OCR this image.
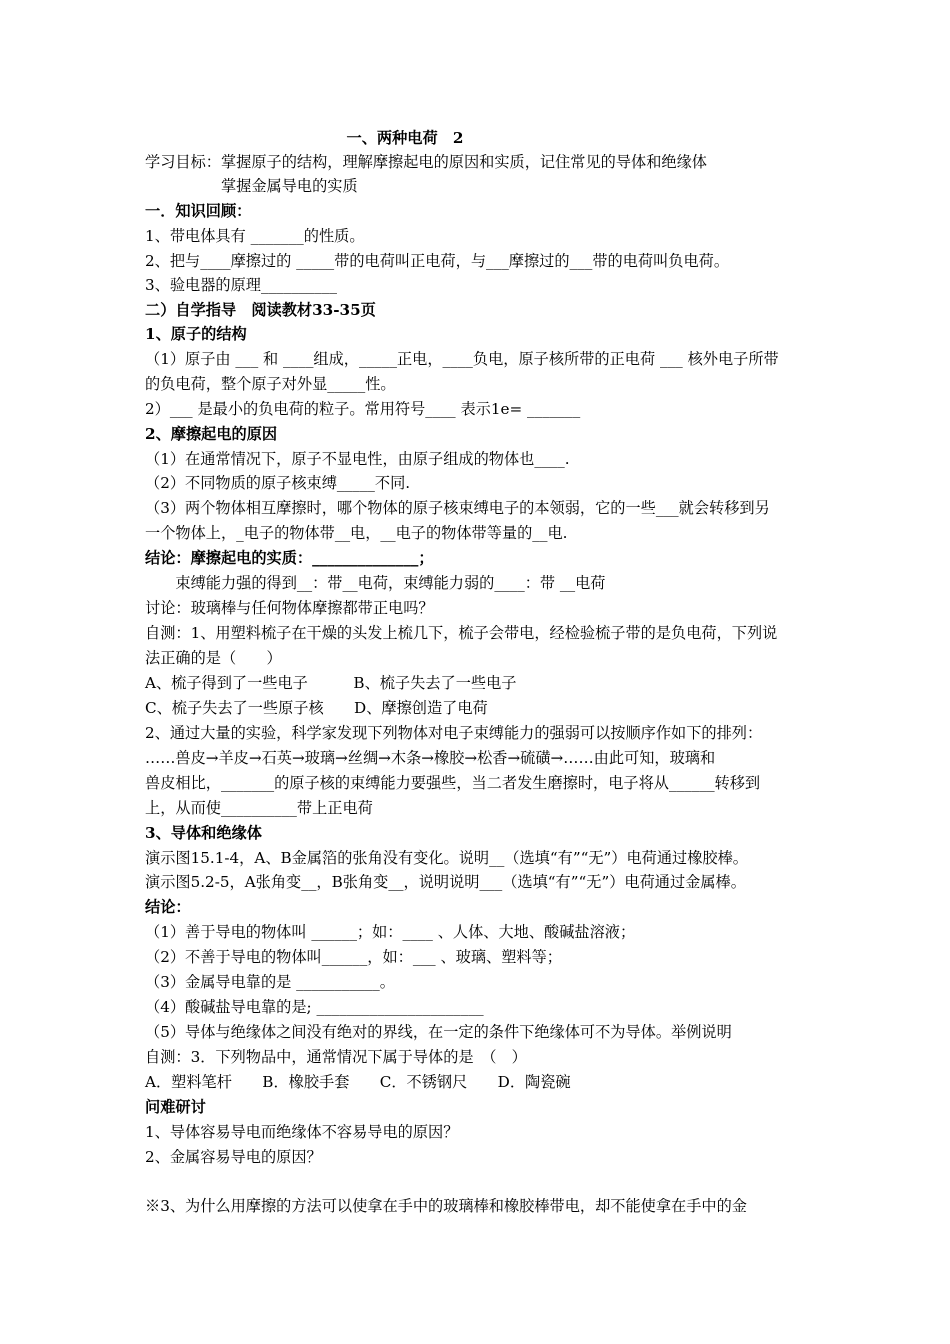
一、两种电荷　2
学习目标：掌握原子的结构，理解摩擦起电的原因和实质，记住常见的导体和绝缘体
　　　　　掌握金属导电的实质
一．知识回顾：
1、带电体具有 _______的性质。
2、把与____摩擦过的 _____带的电荷叫正电荷，与___摩擦过的___带的电荷叫负电荷。
3、验电器的原理__________
二）自学指导　阅读教材33-35页
1、原子的结构
（1）原子由 ___ 和 ____组成，_____正电，____负电，原子核所带的正电荷 ___ 核外电子所带
的负电荷，整个原子对外显_____性。
2）___ 是最小的负电荷的粒子。常用符号____ 表示1e= _______
2、摩擦起电的原因
（1）在通常情况下，原子不显电性，由原子组成的物体也____.
（2）不同物质的原子核束缚_____不同.
（3）两个物体相互摩擦时，哪个物体的原子核束缚电子的本领弱，它的一些___就会转移到另
一个物体上，_电子的物体带__电，__电子的物体带等量的__电.
结论：摩擦起电的实质：______________；
　　束缚能力强的得到__：带__电荷，束缚能力弱的____：带 __电荷
讨论：玻璃棒与任何物体摩擦都带正电吗？
自测：1、用塑料梳子在干燥的头发上梳几下，梳子会带电，经检验梳子带的是负电荷，下列说
法正确的是（　　）
A、梳子得到了一些电子　　　B、梳子失去了一些电子
C、梳子失去了一些原子核　　D、摩擦创造了电荷
2、通过大量的实验，科学家发现下列物体对电子束缚能力的强弱可以按顺序作如下的排列：
……兽皮→羊皮→石英→玻璃→丝绸→木条→橡胶→松香→硫磺→……由此可知，玻璃和
兽皮相比，_______的原子核的束缚能力要强些，当二者发生磨擦时，电子将从______转移到
上，从而使__________带上正电荷
3、导体和绝缘体
演示图15.1-4，A、B金属箔的张角没有变化。说明__（选填“有”“无”）电荷通过橡胶棒。
演示图5.2-5，A张角变__，B张角变__，说明说明___（选填“有”“无”）电荷通过金属棒。
结论：
（1）善于导电的物体叫 ______；如：____ 、人体、大地、酸碱盐溶液；
（2）不善于导电的物体叫______，如：___ 、玻璃、塑料等；
（3）金属导电靠的是 ___________。
（4）酸碱盐导电靠的是; ______________________
（5）导体与绝缘体之间没有绝对的界线，在一定的条件下绝缘体可不为导体。举例说明
自测：3．下列物品中，通常情况下属于导体的是　（　）
A．塑料笔杆　　B．橡胶手套　　C．不锈钢尺　　D．陶瓷碗
问难研讨
1、导体容易导电而绝缘体不容易导电的原因？
2、金属容易导电的原因？
※3、为什么用摩擦的方法可以使拿在手中的玻璃棒和橡胶棒带电，却不能使拿在手中的金
